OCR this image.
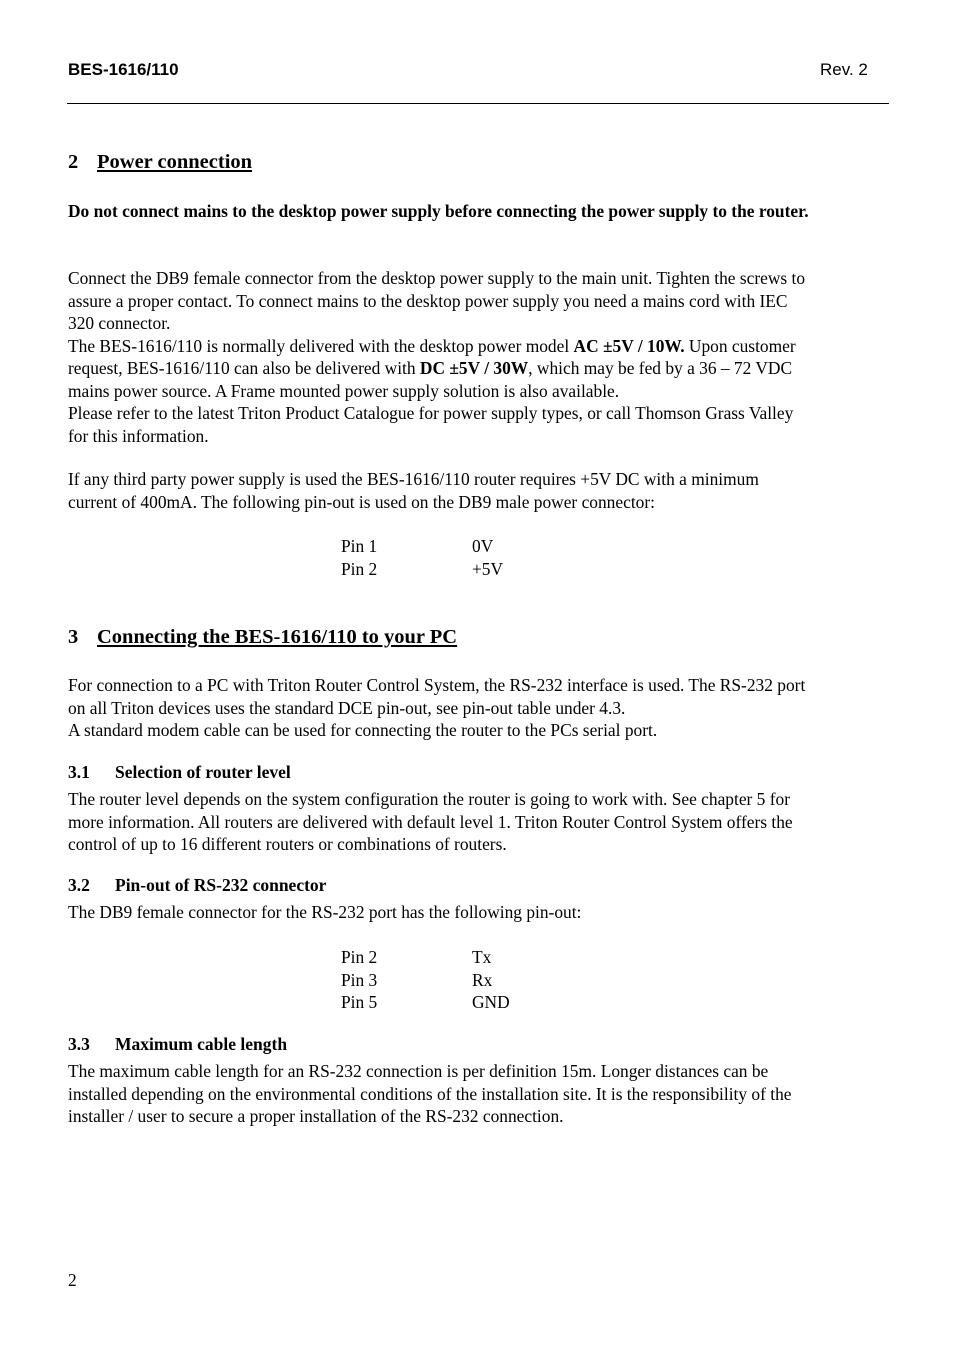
BES-1616/110	Rev. 2
2 Power connection
Do not connect mains to the desktop power supply before connecting the power supply to the router.
Connect the DB9 female connector from the desktop power supply to the main unit. Tighten the screws to
assure a proper contact. To connect mains to the desktop power supply you need a mains cord with IEC
320 connector.
The BES-1616/110 is normally delivered with the desktop power model AC ±5V / 10W. Upon customer
request, BES-1616/110 can also be delivered with DC ±5V / 30W, which may be fed by a 36 – 72 VDC
mains power source. A Frame mounted power supply solution is also available.
Please refer to the latest Triton Product Catalogue for power supply types, or call Thomson Grass Valley
for this information.
If any third party power supply is used the BES-1616/110 router requires +5V DC with a minimum
current of 400mA. The following pin-out is used on the DB9 male power connector:
Pin 1	0V
Pin 2	+5V
3 Connecting the BES-1616/110 to your PC
For connection to a PC with Triton Router Control System, the RS-232 interface is used. The RS-232 port
on all Triton devices uses the standard DCE pin-out, see pin-out table under 4.3.
A standard modem cable can be used for connecting the router to the PCs serial port.
3.1 Selection of router level
The router level depends on the system configuration the router is going to work with. See chapter 5 for
more information. All routers are delivered with default level 1. Triton Router Control System offers the
control of up to 16 different routers or combinations of routers.
3.2 Pin-out of RS-232 connector
The DB9 female connector for the RS-232 port has the following pin-out:
Pin 2	Tx
Pin 3	Rx
Pin 5	GND
3.3 Maximum cable length
The maximum cable length for an RS-232 connection is per definition 15m. Longer distances can be
installed depending on the environmental conditions of the installation site. It is the responsibility of the
installer / user to secure a proper installation of the RS-232 connection.
2
